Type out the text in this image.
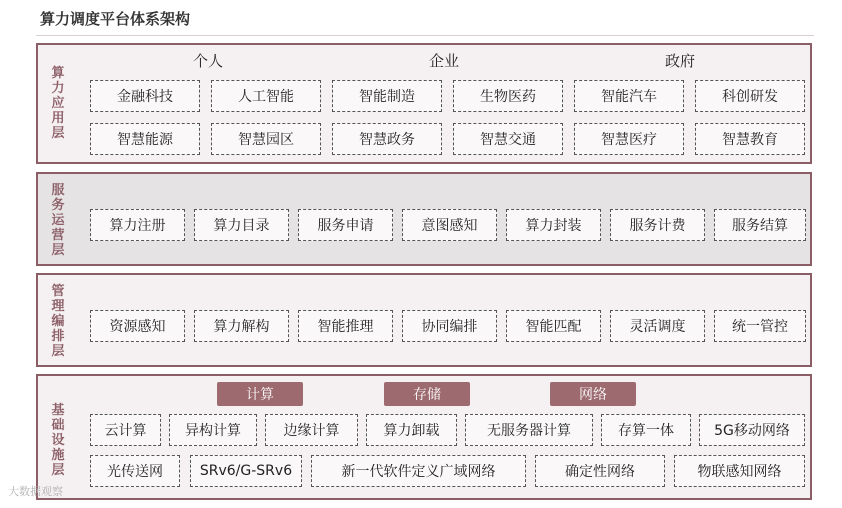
算力调度平台体系架构
算
力
应
用
层
个人	企业	政府
金融科技	人工智能	智能制造	生物医药	智能汽车	科创研发
智慧能源	智慧园区	智慧政务	智慧交通	智慧医疗	智慧教育
服
务
运
营
层
算力注册	算力目录	服务申请	意图感知	算力封装	服务计费	服务结算
管
理
编
排
层
资源感知	算力解构	智能推理	协同编排	智能匹配	灵活调度	统一管控
基
础
设
施
层
计算	存储	网络
云计算	异构计算	边缘计算	算力卸载	无服务器计算	存算一体	5G移动网络
光传送网	SRv6/G-SRv6	新一代软件定义广域网络	确定性网络	物联感知网络
大数据观察
